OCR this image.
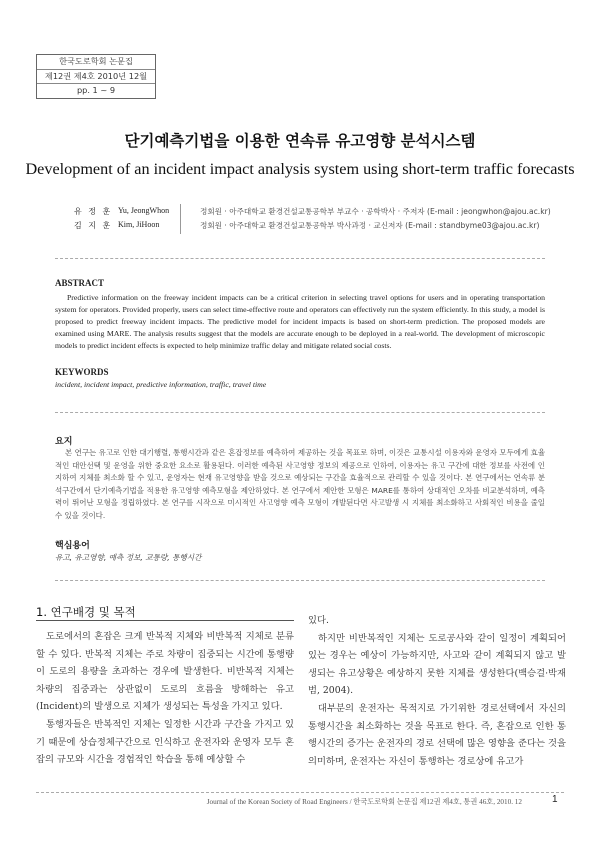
한국도로학회 논문집
제12권 제4호 2010년 12월
pp. 1 ~ 9
단기예측기법을 이용한 연속류 유고영향 분석시스템
Development of an incident impact analysis system using short-term traffic forecasts
유 정 훈 Yu, JeongWhon	정회원 · 아주대학교 환경건설교통공학부 부교수 · 공학박사 · 주저자 (E-mail : jeongwhon@ajou.ac.kr)
김 지 훈 Kim, JiHoon	정회원 · 아주대학교 환경건설교통공학부 박사과정 · 교신저자 (E-mail : standbyme03@ajou.ac.kr)
ABSTRACT
Predictive information on the freeway incident impacts can be a critical criterion in selecting travel options for users and in operating transportation system for operators. Provided properly, users can select time-effective route and operators can effectively run the system efficiently. In this study, a model is proposed to predict freeway incident impacts. The predictive model for incident impacts is based on short-term prediction. The proposed models are examined using MARE. The analysis results suggest that the models are accurate enough to be deployed in a real-world. The development of microscopic models to predict incident effects is expected to help minimize traffic delay and mitigate related social costs.
KEYWORDS
incident, incident impact, predictive information, traffic, travel time
요지
본 연구는 유고로 인한 대기행렬, 통행시간과 같은 혼잡정보를 예측하여 제공하는 것을 목표로 하며, 이것은 교통시설 이용자와 운영자 모두에게 효율적인 대안선택 및 운영을 위한 중요한 요소로 활용된다. 이러한 예측된 사고영향 정보의 제공으로 인하여, 이용자는 유고 구간에 대한 정보를 사전에 인지하여 지체를 최소화 할 수 있고, 운영자는 현재 유고영향을 받을 것으로 예상되는 구간을 효율적으로 관리할 수 있을 것이다. 본 연구에서는 연속류 분석구간에서 단기예측기법을 적용한 유고영향 예측모형을 제안하였다. 본 연구에서 제안한 모형은 MARE를 통하여 상대적인 오차를 비교분석하며, 예측력이 뛰어난 모형을 정립하였다. 본 연구를 시작으로 미시적인 사고영향 예측 모형이 개발된다면 사고발생 시 지체를 최소화하고 사회적인 비용을 줄일 수 있을 것이다.
핵심용어
유고, 유고영향, 예측 정보, 교통량, 통행시간
1. 연구배경 및 목적

도로에서의 혼잡은 크게 반복적 지체와 비반복적 지체로 분류할 수 있다. 반복적 지체는 주로 차량이 집중되는 시간에 통행량이 도로의 용량을 초과하는 경우에 발생한다. 비반복적 지체는 차량의 집중과는 상관없이 도로의 흐름을 방해하는 유고(Incident)의 발생으로 지체가 생성되는 특성을 가지고 있다.

통행자들은 반복적인 지체는 일정한 시간과 구간을 가지고 있기 때문에 상습정체구간으로 인식하고 운전자와 운영자 모두 혼잡의 규모와 시간을 경험적인 학습을 통해 예상할 수

있다.

하지만 비반복적인 지체는 도로공사와 같이 일정이 계획되어 있는 경우는 예상이 가능하지만, 사고와 같이 계획되지 않고 발생되는 유고상황은 예상하지 못한 지체를 생성한다(백승걸·박재범, 2004).

대부분의 운전자는 목적지로 가기위한 경로선택에서 자신의 통행시간을 최소화하는 것을 목표로 한다. 즉, 혼잡으로 인한 통행시간의 증가는 운전자의 경로 선택에 많은 영향을 준다는 것을 의미하며, 운전자는 자신이 통행하는 경로상에 유고가

Journal of the Korean Society of Road Engineers / 한국도로학회 논문집 제12권 제4호, 통권 46호, 2010. 12	1
